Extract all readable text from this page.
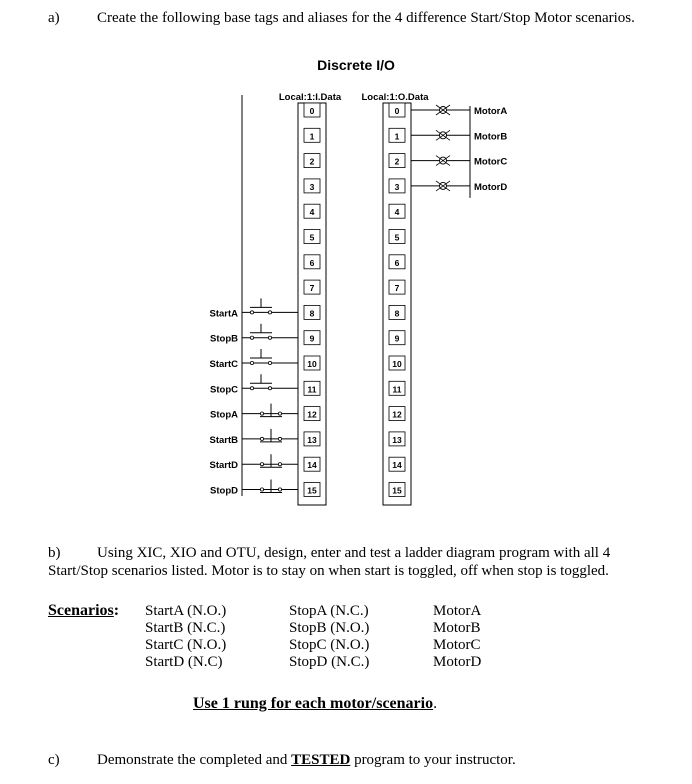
a) Create the following base tags and aliases for the 4 difference Start/Stop Motor scenarios.
Discrete I/O
Local:1:I.Data Local:1:O.Data
0
1
2
3
4
5
6
7
8
9
10
11
12
13
14
15
0
1
2
3
4
5
6
7
8
9
10
11
12
13
14
15
StartA
StopB
StartC
StopC
StopA
StartB
StartD
StopD
MotorA
MotorB
MotorC
MotorD
b) Using XIC, XIO and OTU, design, enter and test a ladder diagram program with all 4
Start/Stop scenarios listed. Motor is to stay on when start is toggled, off when stop is toggled.
Scenarios: StartA (N.O.)
StartB (N.C.)
StartC (N.O.)
StartD (N.C)
StopA (N.C.)
StopB (N.O.)
StopC (N.O.)
StopD (N.C.)
MotorA
MotorB
MotorC
MotorD
Use 1 rung for each motor/scenario.
c) Demonstrate the completed and TESTED program to your instructor.
